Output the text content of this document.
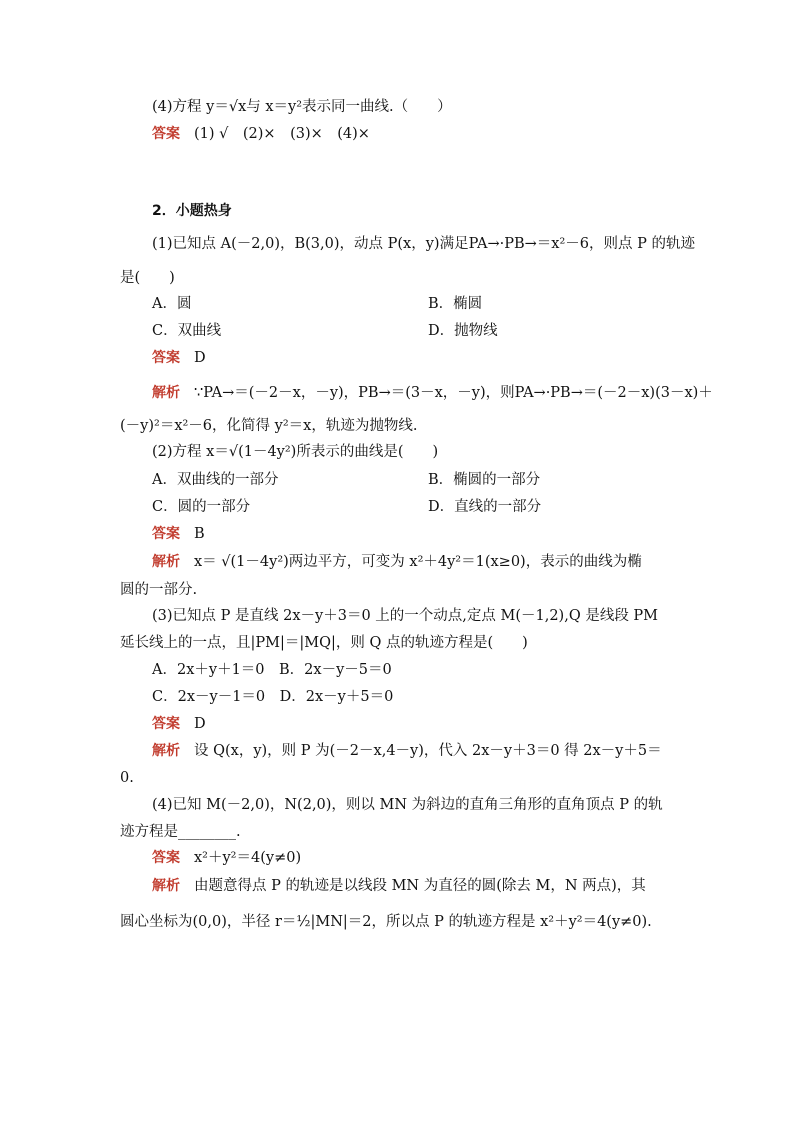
(4)方程 y＝√x与 x＝y²表示同一曲线.（　　）
答案 (1) √　(2)×　(3)×　(4)×
2．小题热身
(1)已知点 A(－2,0)，B(3,0)，动点 P(x，y)满足PA→·PB→＝x²－6，则点 P 的轨迹
是(　　)
A．圆	B．椭圆
C．双曲线	D．抛物线
答案 D
解析 ∵PA→＝(－2－x，－y)，PB→＝(3－x，－y)，则PA→·PB→＝(－2－x)(3－x)＋
(－y)²＝x²－6，化简得 y²＝x，轨迹为抛物线.
(2)方程 x＝√(1－4y²)所表示的曲线是(　　)
A．双曲线的一部分	B．椭圆的一部分
C．圆的一部分	D．直线的一部分
答案 B
解析 x＝ √(1－4y²)两边平方，可变为 x²＋4y²＝1(x≥0)，表示的曲线为椭
圆的一部分.
(3)已知点 P 是直线 2x－y＋3＝0 上的一个动点,定点 M(－1,2),Q 是线段 PM
延长线上的一点，且|PM|＝|MQ|，则 Q 点的轨迹方程是(　　)
A．2x＋y＋1＝0　B．2x－y－5＝0
C．2x－y－1＝0　D．2x－y＋5＝0
答案 D
解析 设 Q(x，y)，则 P 为(－2－x,4－y)，代入 2x－y＋3＝0 得 2x－y＋5＝
0.
(4)已知 M(－2,0)，N(2,0)，则以 MN 为斜边的直角三角形的直角顶点 P 的轨
迹方程是________.
答案 x²＋y²＝4(y≠0)
解析 由题意得点 P 的轨迹是以线段 MN 为直径的圆(除去 M，N 两点)，其
圆心坐标为(0,0)，半径 r＝½|MN|＝2，所以点 P 的轨迹方程是 x²＋y²＝4(y≠0).
